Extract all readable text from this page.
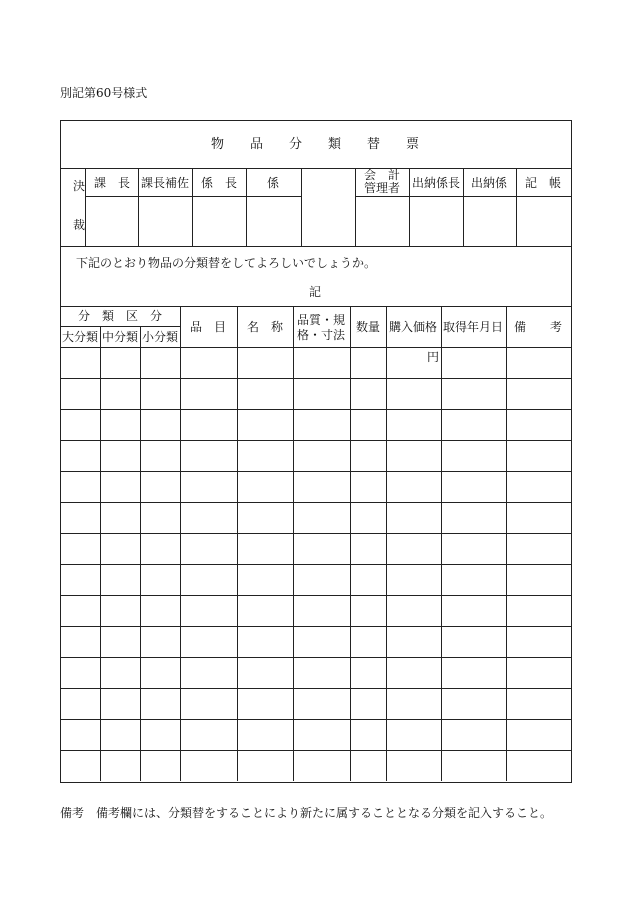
別記第60号様式
物　　品　　分　　類　　替　　票
決
裁
課　長 課長補佐 係　長 係
会　計
管理者 出納係長 出納係 記　帳
下記のとおり物品の分類替をしてよろしいでしょうか。
記
分　類　区　分
大分類 中分類 小分類
品　目 名　称 品質・規
格・寸法
数量 購入価格 取得年月日 備　　考
円
備考　備考欄には、分類替をすることにより新たに属することとなる分類を記入すること。
